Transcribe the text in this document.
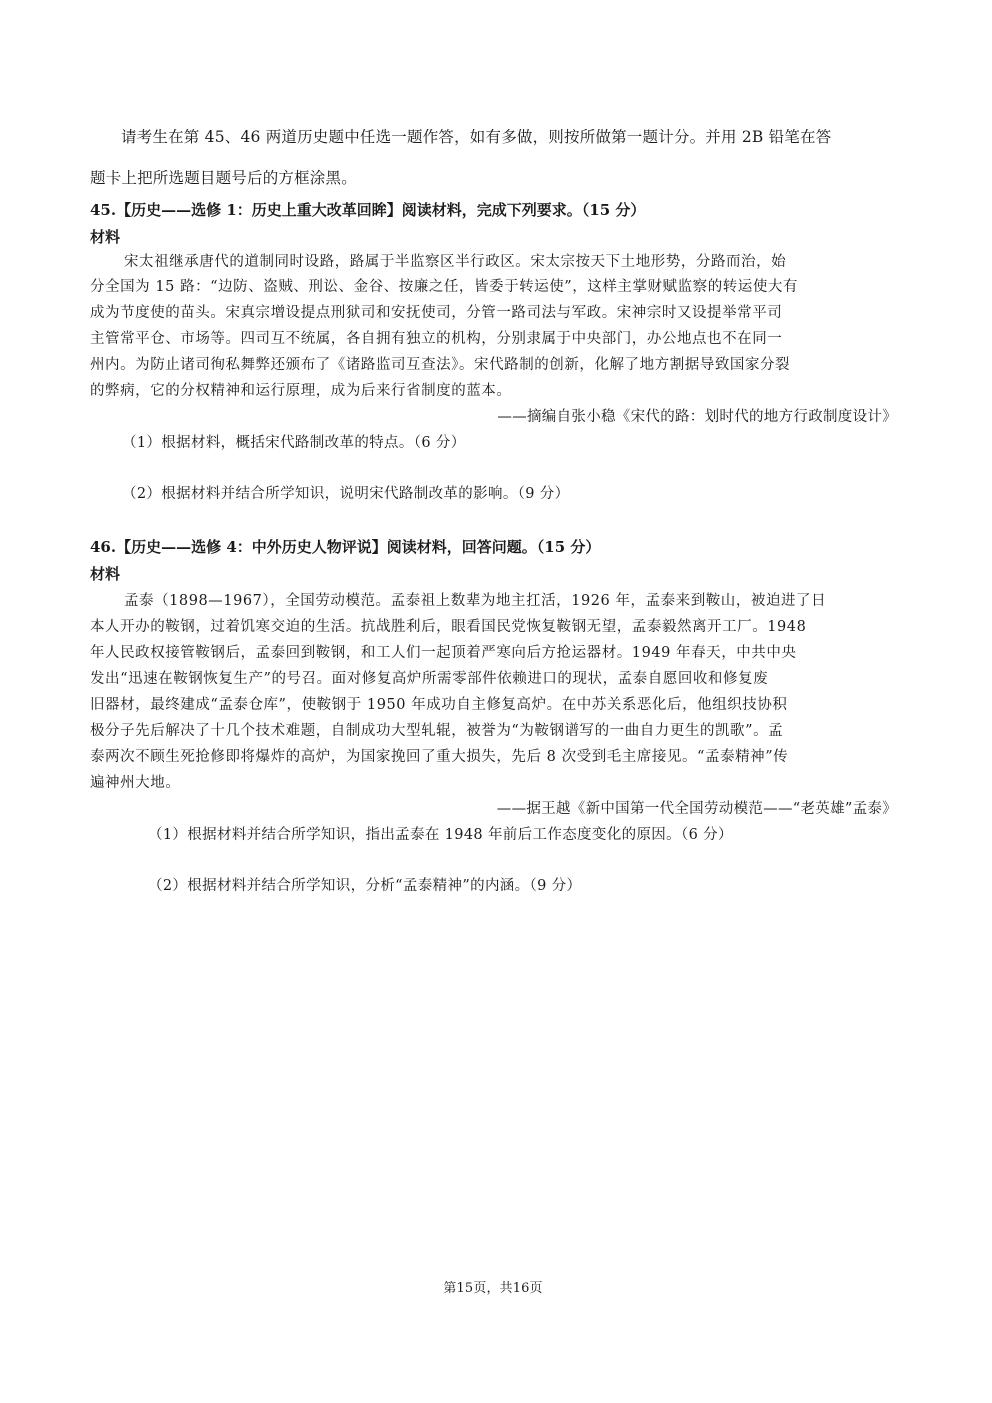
请考生在第 45、46 两道历史题中任选一题作答，如有多做，则按所做第一题计分。并用 2B 铅笔在答
题卡上把所选题目题号后的方框涂黑。
45.【历史——选修 1：历史上重大改革回眸】阅读材料，完成下列要求。（15 分）
材料
宋太祖继承唐代的道制同时设路，路属于半监察区半行政区。宋太宗按天下土地形势，分路而治，始
分全国为 15 路：“边防、盗贼、刑讼、金谷、按廉之任，皆委于转运使”，这样主掌财赋监察的转运使大有
成为节度使的苗头。宋真宗增设提点刑狱司和安抚使司，分管一路司法与军政。宋神宗时又设提举常平司
主管常平仓、市场等。四司互不统属，各自拥有独立的机构，分别隶属于中央部门，办公地点也不在同一
州内。为防止诸司徇私舞弊还颁布了《诸路监司互查法》。宋代路制的创新，化解了地方割据导致国家分裂
的弊病，它的分权精神和运行原理，成为后来行省制度的蓝本。
——摘编自张小稳《宋代的路：划时代的地方行政制度设计》
（1）根据材料，概括宋代路制改革的特点。（6 分）
（2）根据材料并结合所学知识，说明宋代路制改革的影响。（9 分）
46.【历史——选修 4：中外历史人物评说】阅读材料，回答问题。（15 分）
材料
孟泰（1898—1967），全国劳动模范。孟泰祖上数辈为地主扛活，1926 年，孟泰来到鞍山，被迫进了日
本人开办的鞍钢，过着饥寒交迫的生活。抗战胜利后，眼看国民党恢复鞍钢无望，孟泰毅然离开工厂。1948
年人民政权接管鞍钢后，孟泰回到鞍钢，和工人们一起顶着严寒向后方抢运器材。1949 年春天，中共中央
发出“迅速在鞍钢恢复生产”的号召。面对修复高炉所需零部件依赖进口的现状，孟泰自愿回收和修复废
旧器材，最终建成“孟泰仓库”，使鞍钢于 1950 年成功自主修复高炉。在中苏关系恶化后，他组织技协积
极分子先后解决了十几个技术难题，自制成功大型轧辊，被誉为“为鞍钢谱写的一曲自力更生的凯歌”。孟
泰两次不顾生死抢修即将爆炸的高炉，为国家挽回了重大损失，先后 8 次受到毛主席接见。“孟泰精神”传
遍神州大地。
——据王越《新中国第一代全国劳动模范——“老英雄”孟泰》
（1）根据材料并结合所学知识，指出孟泰在 1948 年前后工作态度变化的原因。（6 分）
（2）根据材料并结合所学知识，分析“孟泰精神”的内涵。（9 分）
第15页，共16页
